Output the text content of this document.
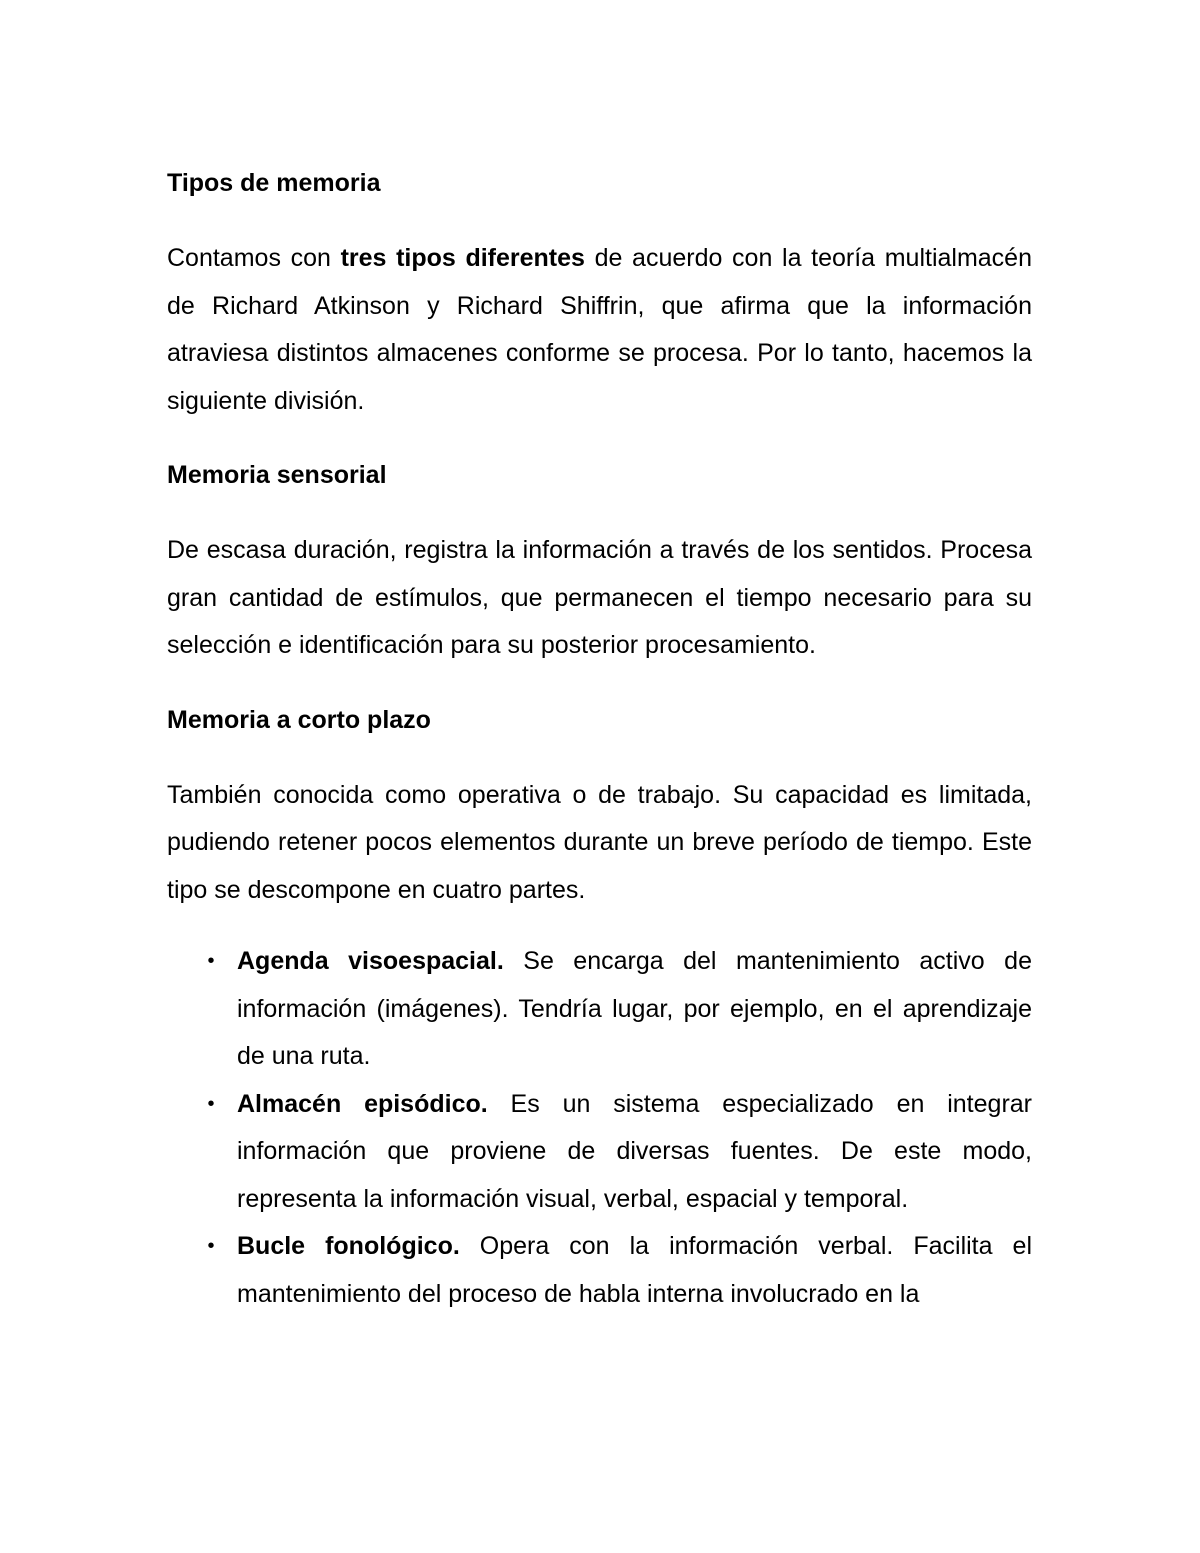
Tipos de memoria

Contamos con tres tipos diferentes de acuerdo con la teoría multialmacén de Richard Atkinson y Richard Shiffrin, que afirma que la información atraviesa distintos almacenes conforme se procesa. Por lo tanto, hacemos la siguiente división.

Memoria sensorial

De escasa duración, registra la información a través de los sentidos. Procesa gran cantidad de estímulos, que permanecen el tiempo necesario para su selección e identificación para su posterior procesamiento.

Memoria a corto plazo

También conocida como operativa o de trabajo. Su capacidad es limitada, pudiendo retener pocos elementos durante un breve período de tiempo. Este tipo se descompone en cuatro partes.

• Agenda visoespacial. Se encarga del mantenimiento activo de información (imágenes). Tendría lugar, por ejemplo, en el aprendizaje de una ruta.
• Almacén episódico. Es un sistema especializado en integrar información que proviene de diversas fuentes. De este modo, representa la información visual, verbal, espacial y temporal.
• Bucle fonológico. Opera con la información verbal. Facilita el mantenimiento del proceso de habla interna involucrado en la
